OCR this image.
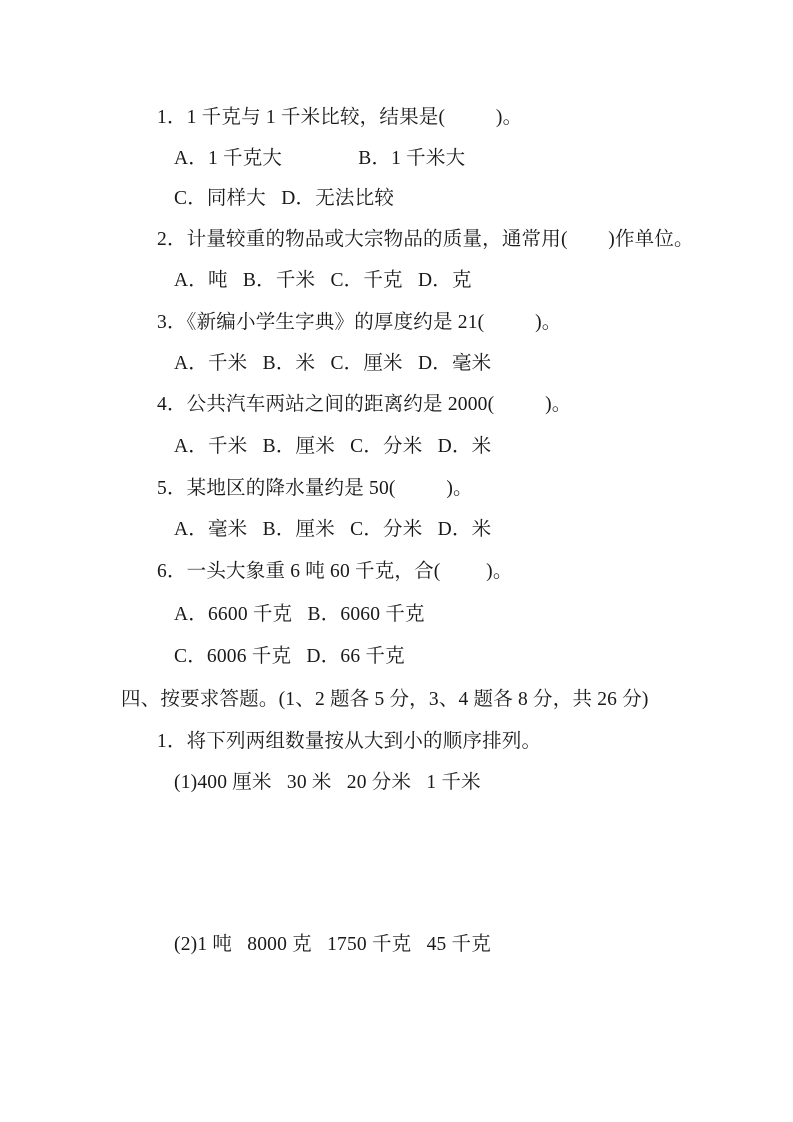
1．1 千克与 1 千米比较，结果是(          )。
A．1 千克大               B．1 千米大
C．同样大   D．无法比较
2．计量较重的物品或大宗物品的质量，通常用(        )作单位。
A．吨   B．千米   C．千克   D．克
3．《新编小学生字典》的厚度约是 21(          )。
A．千米   B．米   C．厘米   D．毫米
4．公共汽车两站之间的距离约是 2000(          )。
A．千米   B．厘米   C．分米   D．米
5．某地区的降水量约是 50(          )。
A．毫米   B．厘米   C．分米   D．米
6．一头大象重 6 吨 60 千克，合(         )。
A．6600 千克   B．6060 千克
C．6006 千克   D．66 千克
四、按要求答题。(1、2 题各 5 分，3、4 题各 8 分，共 26 分)
1．将下列两组数量按从大到小的顺序排列。
(1)400 厘米   30 米   20 分米   1 千米
(2)1 吨   8000 克   1750 千克   45 千克
